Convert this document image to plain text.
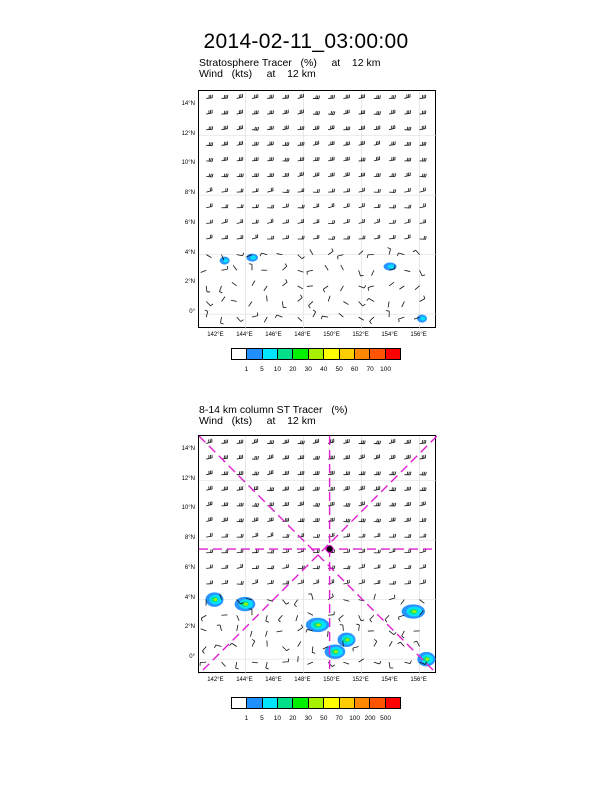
2014-02-11_03:00:00
Stratosphere Tracer   (%)     at    12 km
Wind   (kts)     at    12 km
8-14 km column ST Tracer   (%)
Wind   (kts)     at    12 km
14°N
12°N
10°N
8°N
6°N
4°N
2°N
0°
142°E	144°E	146°E	148°E	150°E	152°E	154°E	156°E
14°N
12°N
10°N
8°N
6°N
4°N
2°N
0°
142°E	144°E	146°E	148°E	150°E	152°E	154°E	156°E
1	5	10	20	30	40	50	60	70 100
1	5	10	20	30	50	70 100 200 500
